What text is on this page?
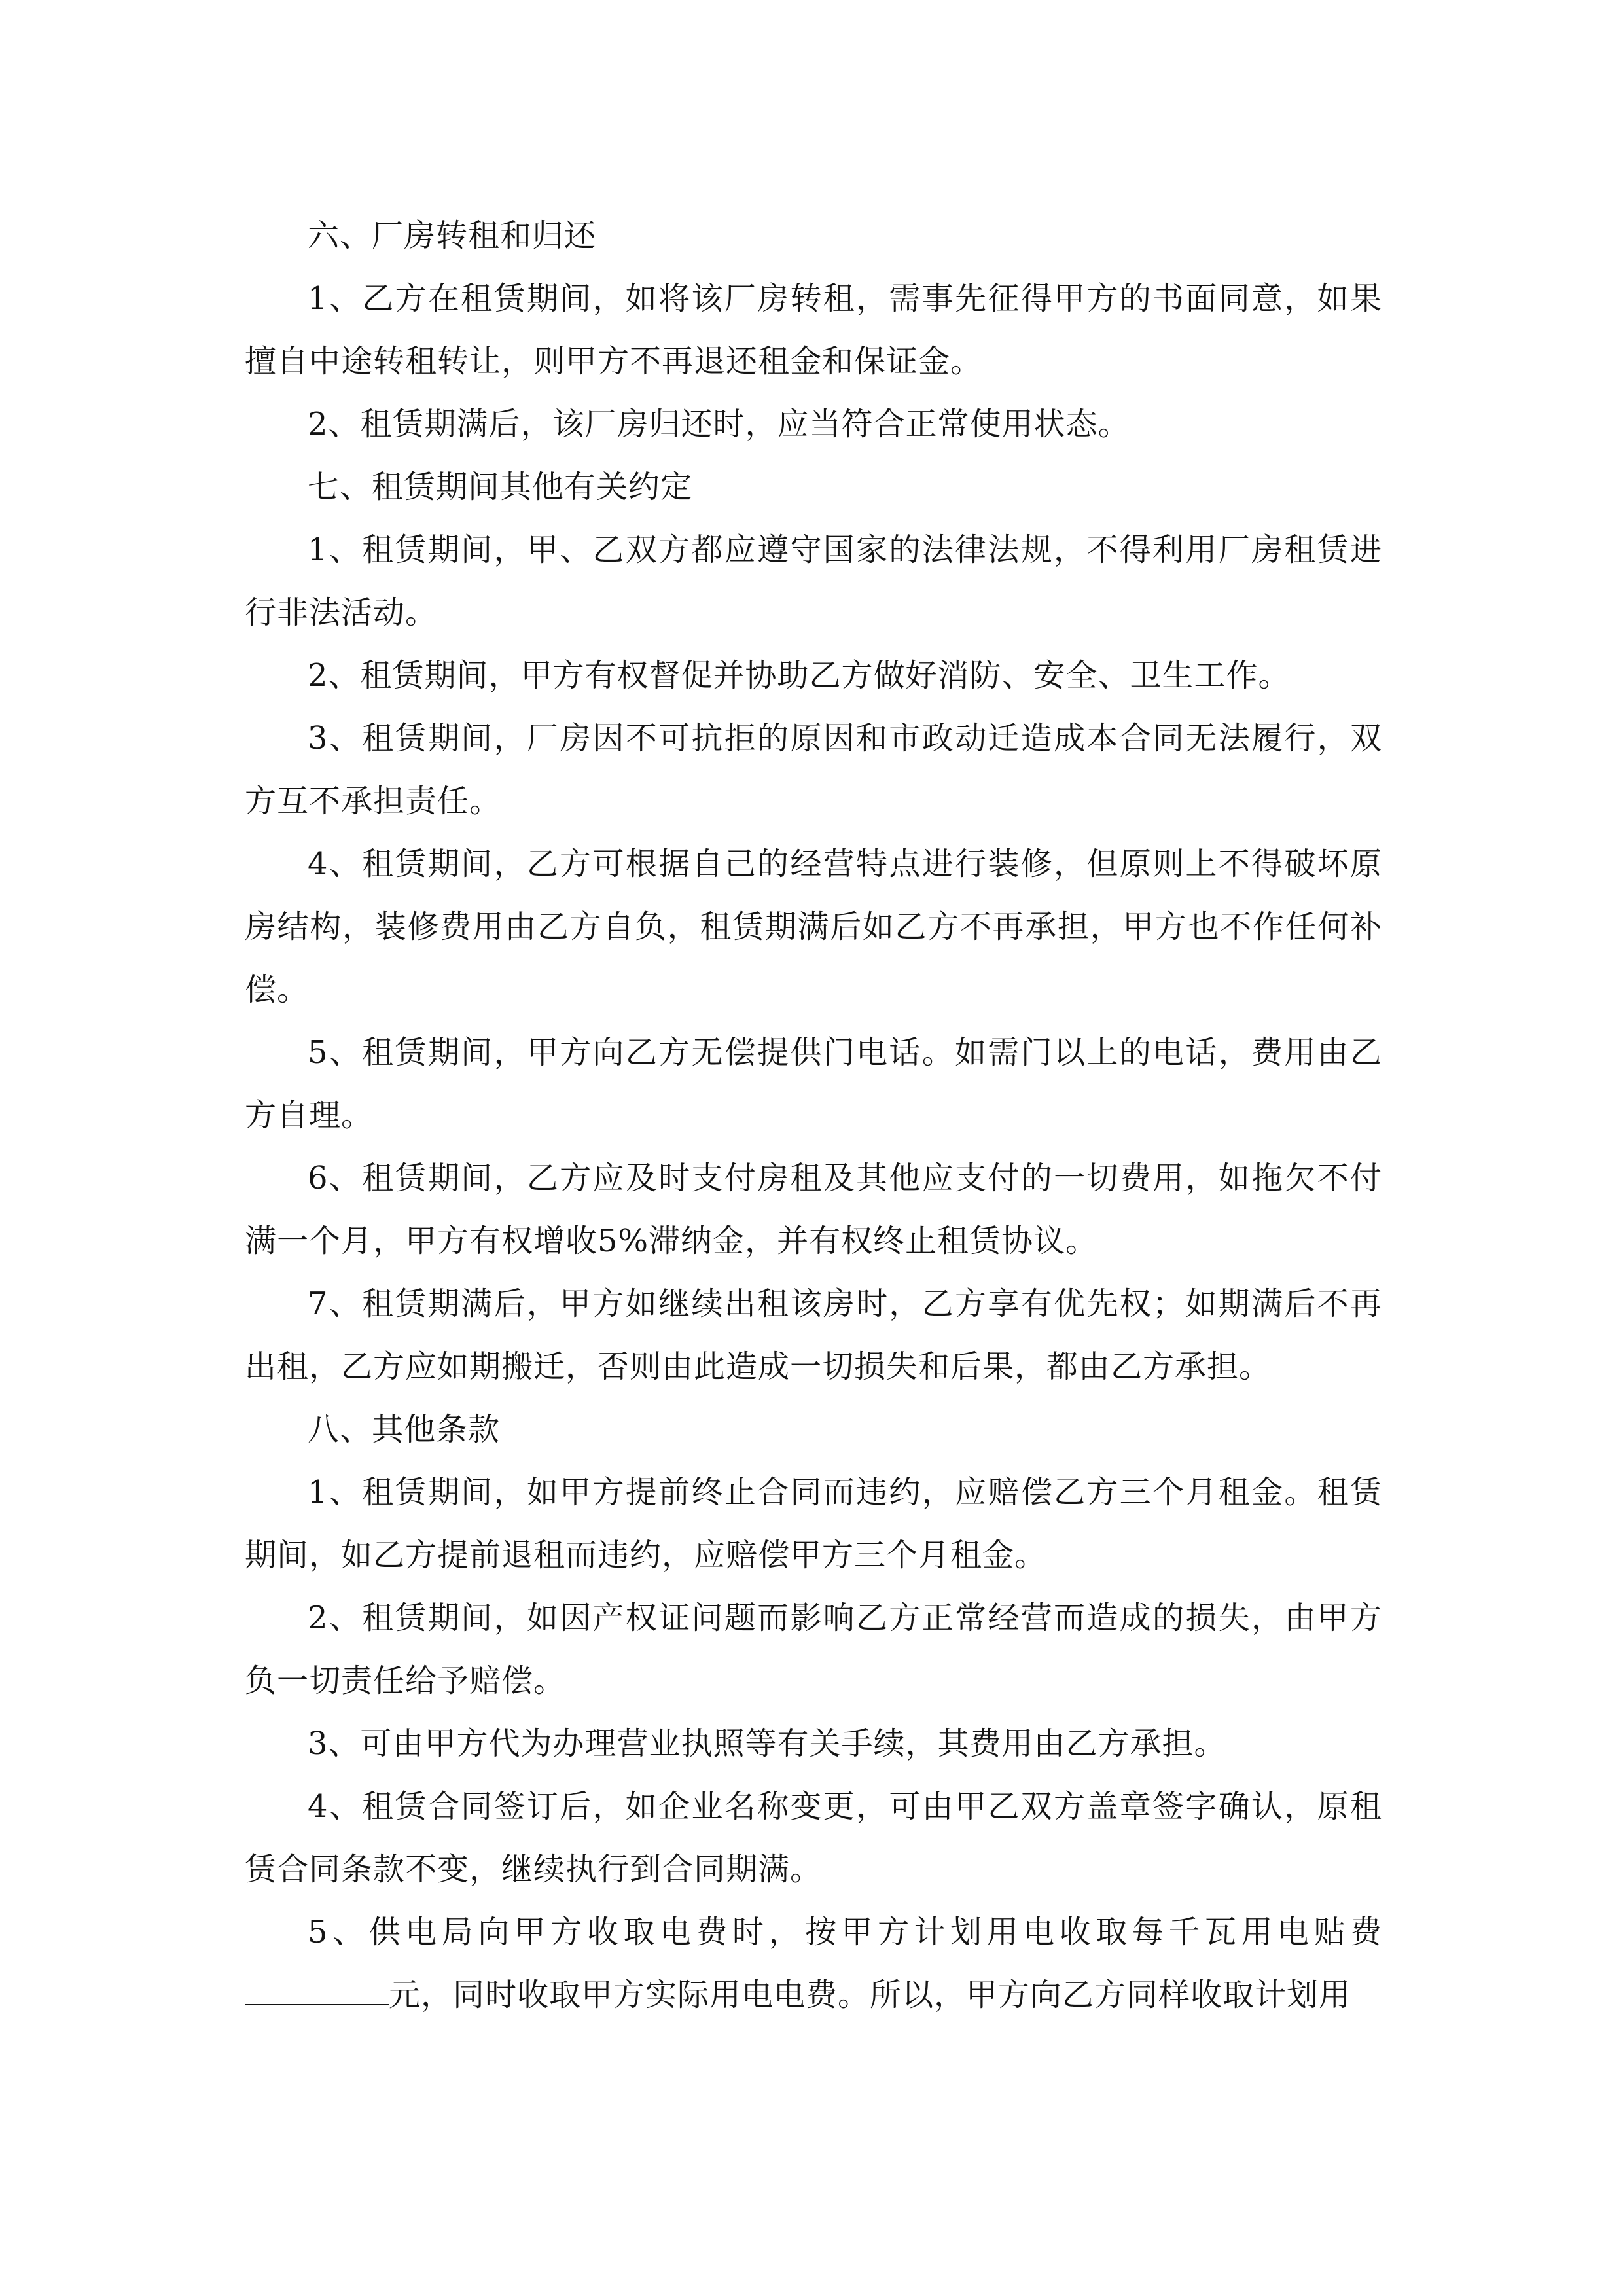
六、厂房转租和归还

1、乙方在租赁期间，如将该厂房转租，需事先征得甲方的书面同意，如果擅自中途转租转让，则甲方不再退还租金和保证金。

2、租赁期满后，该厂房归还时，应当符合正常使用状态。

七、租赁期间其他有关约定

1、租赁期间，甲、乙双方都应遵守国家的法律法规，不得利用厂房租赁进行非法活动。

2、租赁期间，甲方有权督促并协助乙方做好消防、安全、卫生工作。

3、租赁期间，厂房因不可抗拒的原因和市政动迁造成本合同无法履行，双方互不承担责任。

4、租赁期间，乙方可根据自己的经营特点进行装修，但原则上不得破坏原房结构，装修费用由乙方自负，租赁期满后如乙方不再承担，甲方也不作任何补偿。

5、租赁期间，甲方向乙方无偿提供门电话。如需门以上的电话，费用由乙方自理。

6、租赁期间，乙方应及时支付房租及其他应支付的一切费用，如拖欠不付满一个月，甲方有权增收5%滞纳金，并有权终止租赁协议。

7、租赁期满后，甲方如继续出租该房时，乙方享有优先权；如期满后不再出租，乙方应如期搬迁，否则由此造成一切损失和后果，都由乙方承担。

八、其他条款

1、租赁期间，如甲方提前终止合同而违约，应赔偿乙方三个月租金。租赁期间，如乙方提前退租而违约，应赔偿甲方三个月租金。

2、租赁期间，如因产权证问题而影响乙方正常经营而造成的损失，由甲方负一切责任给予赔偿。

3、可由甲方代为办理营业执照等有关手续，其费用由乙方承担。

4、租赁合同签订后，如企业名称变更，可由甲乙双方盖章签字确认，原租赁合同条款不变，继续执行到合同期满。

5、供电局向甲方收取电费时，按甲方计划用电收取每千瓦用电贴费元，同时收取甲方实际用电电费。所以，甲方向乙方同样收取计划用
